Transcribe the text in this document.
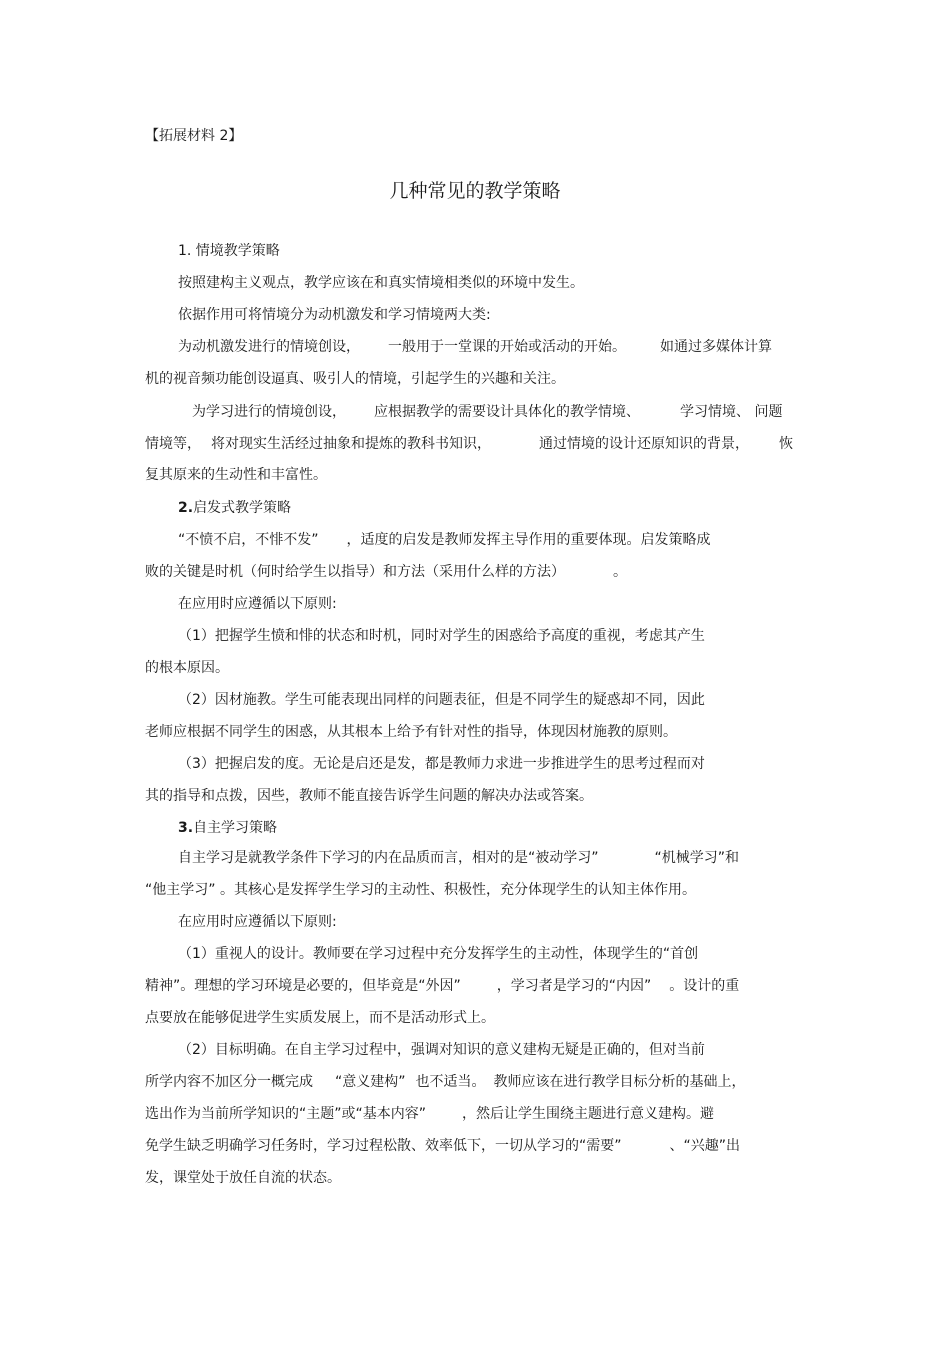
【拓展材料 2】
几种常见的教学策略
1. 情境教学策略
按照建构主义观点，教学应该在和真实情境相类似的环境中发生。
依据作用可将情境分为动机激发和学习情境两大类:
为动机激发进行的情境创设， 一般用于一堂课的开始或活动的开始。 如通过多媒体计算
机的视音频功能创设逼真、吸引人的情境，引起学生的兴趣和关注。
为学习进行的情境创设， 应根据教学的需要设计具体化的教学情境、	学习情境、 问题
情境等， 将对现实生活经过抽象和提炼的教科书知识，	通过情境的设计还原知识的背景， 恢
复其原来的生动性和丰富性。
2.启发式教学策略
“不愤不启，不悱不发” ，适度的启发是教师发挥主导作用的重要体现。启发策略成
败的关键是时机（何时给学生以指导）和方法（采用什么样的方法）	。
在应用时应遵循以下原则:
（1）把握学生愤和悱的状态和时机，同时对学生的困惑给予高度的重视，考虑其产生
的根本原因。
（2）因材施教。学生可能表现出同样的问题表征，但是不同学生的疑惑却不同，因此
老师应根据不同学生的困惑，从其根本上给予有针对性的指导，体现因材施教的原则。
（3）把握启发的度。无论是启还是发，都是教师力求进一步推进学生的思考过程而对
其的指导和点拨，因些，教师不能直接告诉学生问题的解决办法或答案。
3.自主学习策略
自主学习是就教学条件下学习的内在品质而言，相对的是“被动学习”	“机械学习”和
“他主学习” 。其核心是发挥学生学习的主动性、积极性，充分体现学生的认知主体作用。
在应用时应遵循以下原则:
（1）重视人的设计。教师要在学习过程中充分发挥学生的主动性，体现学生的“首创
精神”。理想的学习环境是必要的，但毕竟是“外因”	，学习者是学习的“内因” 。设计的重
点要放在能够促进学生实质发展上，而不是活动形式上。
（2）目标明确。在自主学习过程中，强调对知识的意义建构无疑是正确的，但对当前
所学内容不加区分一概完成 “意义建构” 也不适当。 教师应该在进行教学目标分析的基础上，
选出作为当前所学知识的“主题”或“基本内容”	，然后让学生围绕主题进行意义建构。避
免学生缺乏明确学习任务时，学习过程松散、效率低下，一切从学习的“需要”	、“兴趣”出
发，课堂处于放任自流的状态。
